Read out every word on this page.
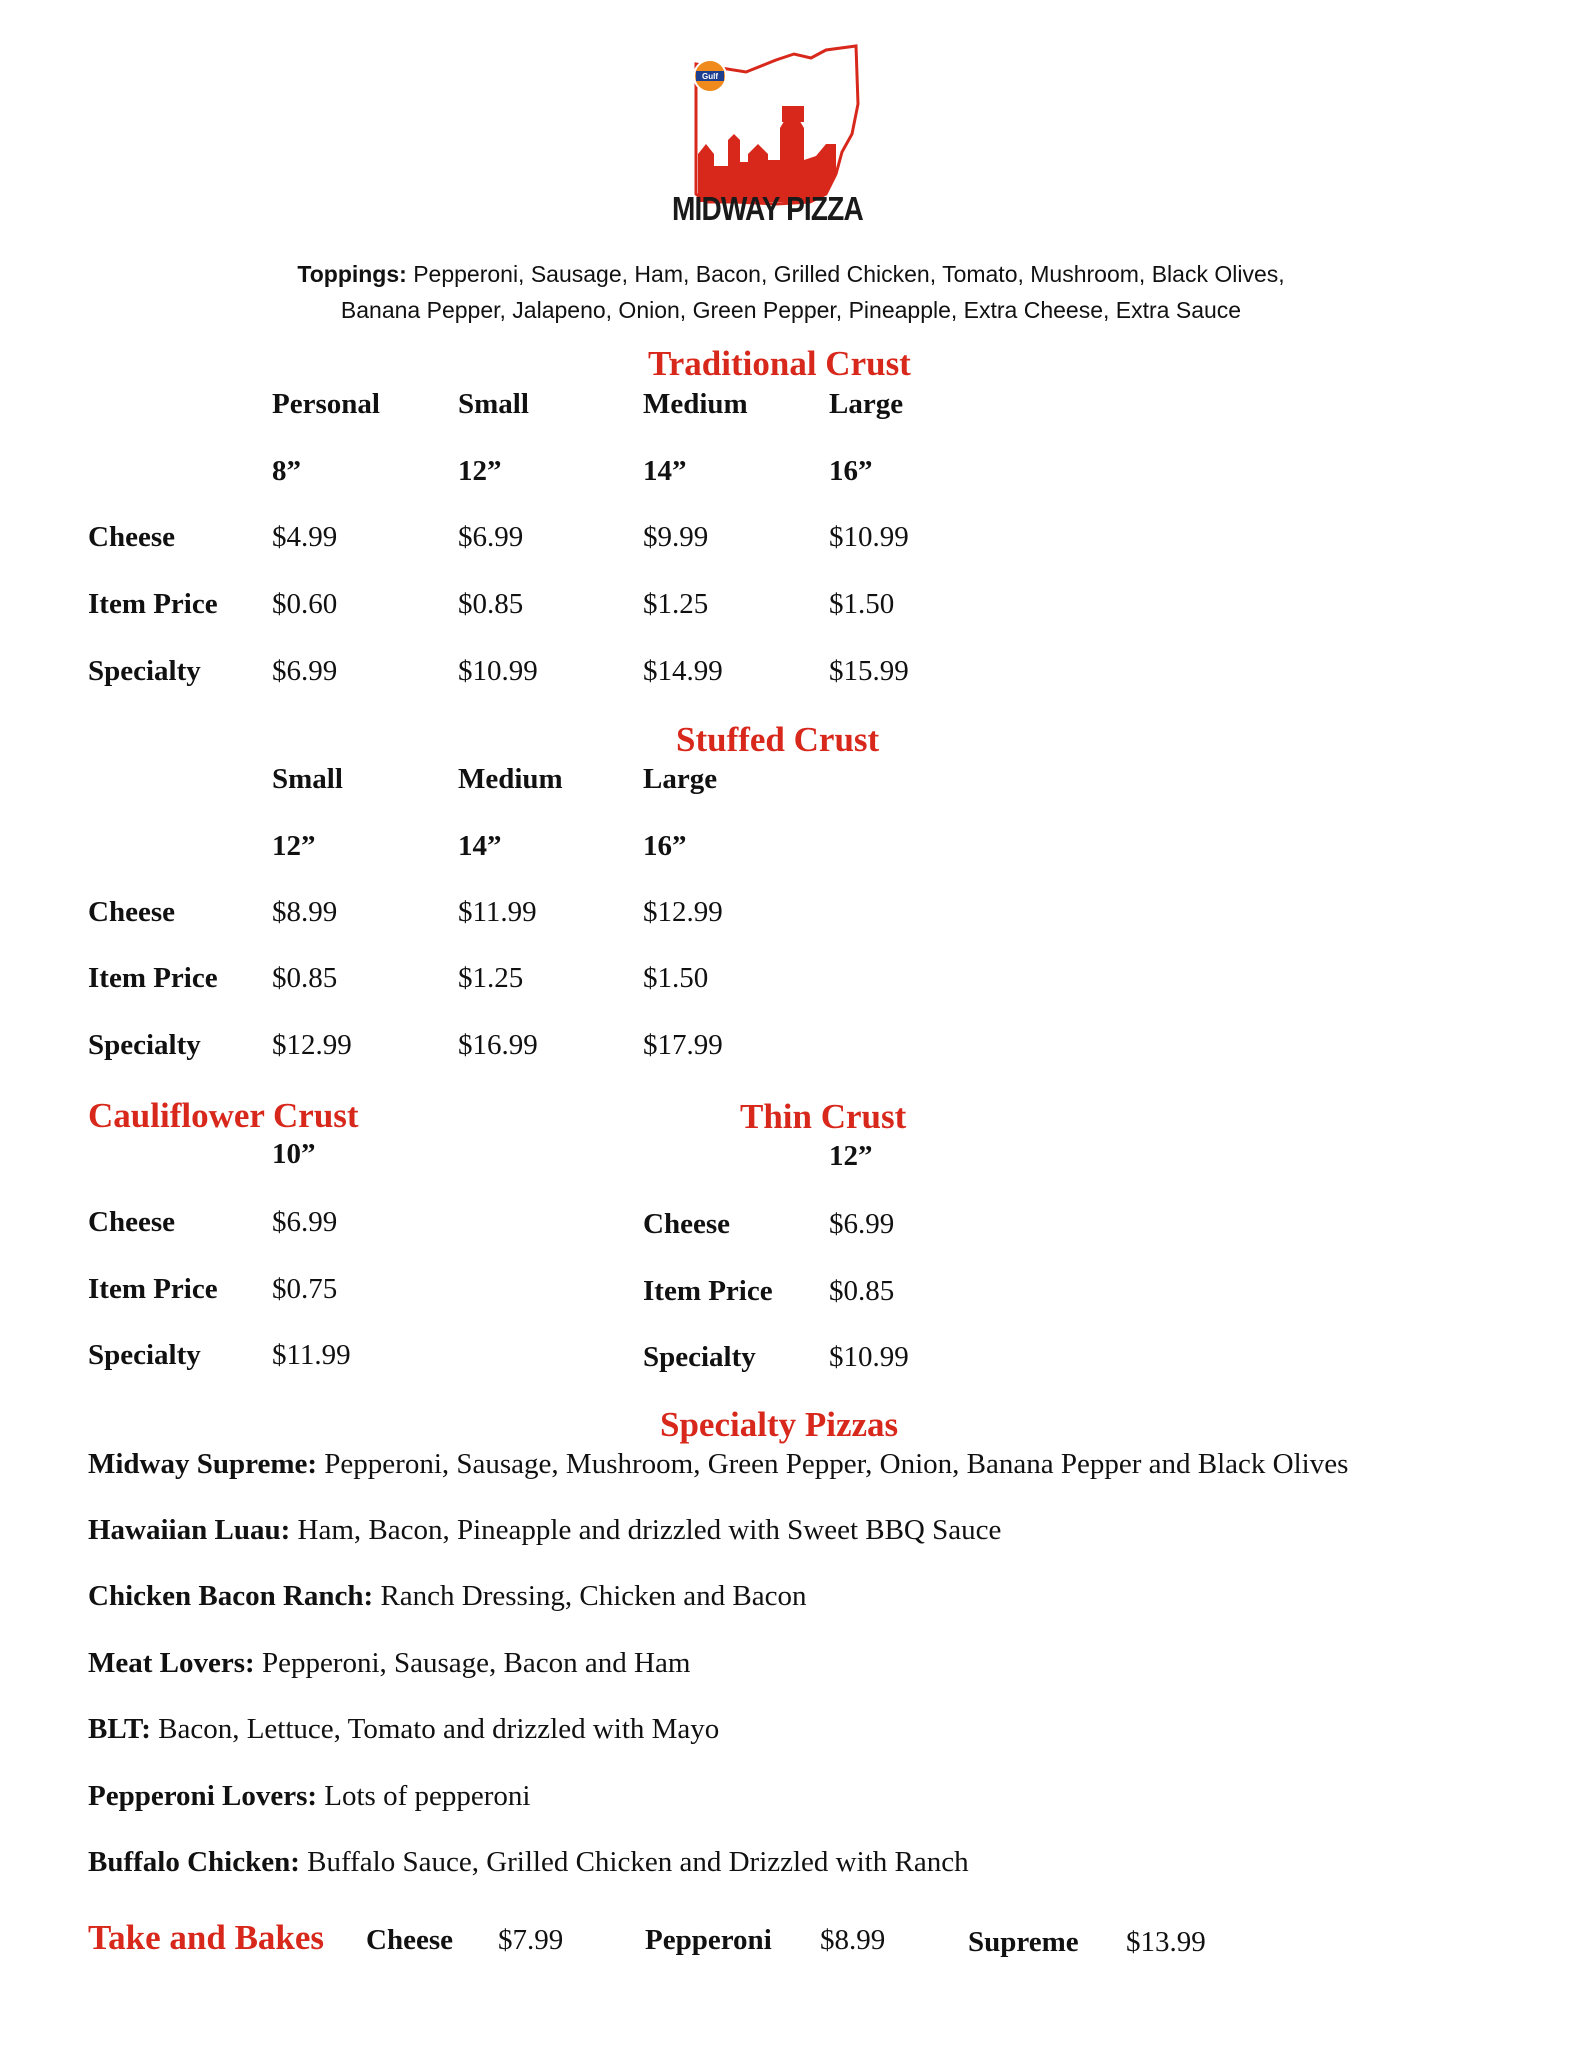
Gulf
MIDWAY PIZZA
Toppings: Pepperoni, Sausage, Ham, Bacon, Grilled Chicken, Tomato, Mushroom, Black Olives,
Banana Pepper, Jalapeno, Onion, Green Pepper, Pineapple, Extra Cheese, Extra Sauce
Traditional Crust
Personal	Small	Medium	Large
8”	12”	14”	16”
Cheese	$4.99	$6.99	$9.99	$10.99
Item Price $0.60	$0.85	$1.25	$1.50
Specialty $6.99	$10.99	$14.99	$15.99
Stuffed Crust
Small	Medium	Large
12”	14”	16”
Cheese	$8.99	$11.99	$12.99
Item Price $0.85	$1.25	$1.50
Specialty $12.99	$16.99	$17.99
Cauliflower Crust
10”
Cheese	$6.99
Item Price $0.75
Specialty $11.99
Thin Crust
12”
Cheese	$6.99
Item Price $0.85
Specialty	$10.99
Specialty Pizzas
Midway Supreme: Pepperoni, Sausage, Mushroom, Green Pepper, Onion, Banana Pepper and Black Olives
Hawaiian Luau: Ham, Bacon, Pineapple and drizzled with Sweet BBQ Sauce
Chicken Bacon Ranch: Ranch Dressing, Chicken and Bacon
Meat Lovers: Pepperoni, Sausage, Bacon and Ham
BLT: Bacon, Lettuce, Tomato and drizzled with Mayo
Pepperoni Lovers: Lots of pepperoni
Buffalo Chicken: Buffalo Sauce, Grilled Chicken and Drizzled with Ranch
Take and Bakes Cheese $7.99	Pepperoni $8.99	Supreme $13.99
